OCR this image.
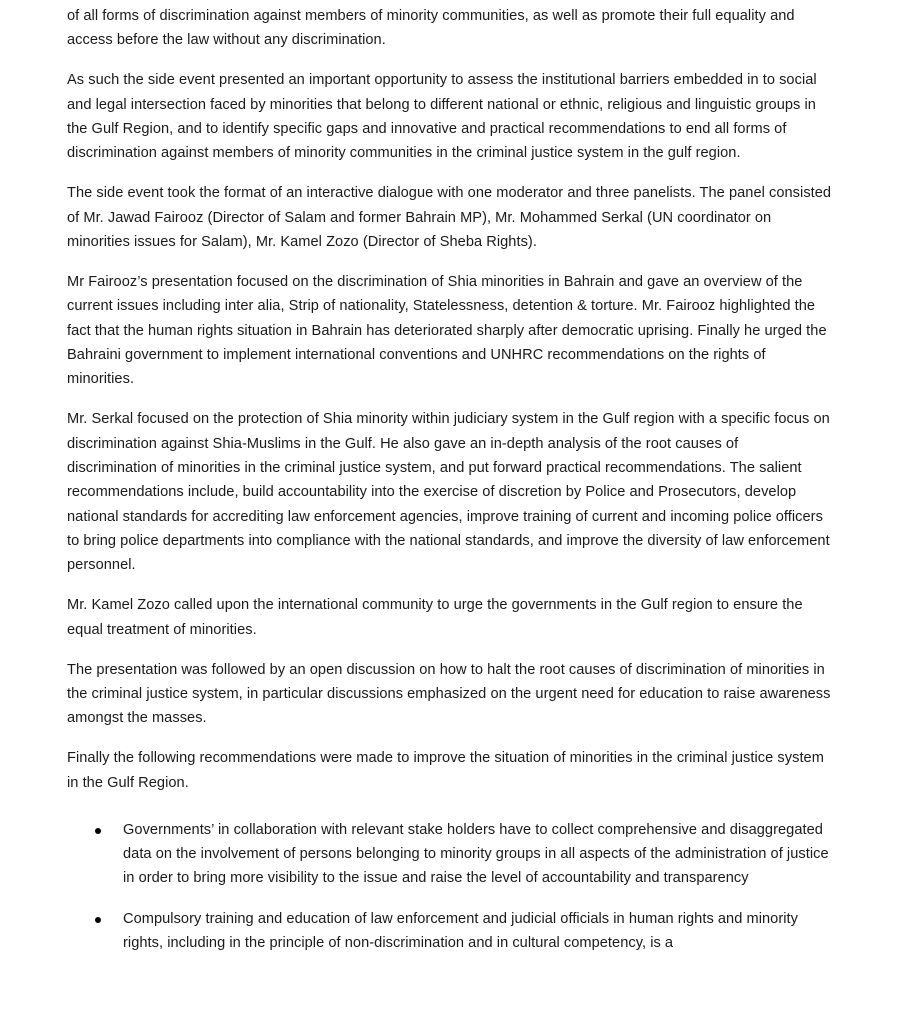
of all forms of discrimination against members of minority communities, as well as promote their full equality and access before the law without any discrimination.

As such the side event presented an important opportunity to assess the institutional barriers embedded in to social and legal intersection faced by minorities that belong to different national or ethnic, religious and linguistic groups in the Gulf Region, and to identify specific gaps and innovative and practical recommendations to end all forms of discrimination against members of minority communities in the criminal justice system in the gulf region.

The side event took the format of an interactive dialogue with one moderator and three panelists. The panel consisted of Mr. Jawad Fairooz (Director of Salam and former Bahrain MP), Mr. Mohammed Serkal (UN coordinator on minorities issues for Salam), Mr. Kamel Zozo (Director of Sheba Rights).

Mr Fairooz’s presentation focused on the discrimination of Shia minorities in Bahrain and gave an overview of the current issues including inter alia, Strip of nationality, Statelessness, detention & torture. Mr. Fairooz highlighted the fact that the human rights situation in Bahrain has deteriorated sharply after democratic uprising. Finally he urged the Bahraini government to implement international conventions and UNHRC recommendations on the rights of minorities.

Mr. Serkal focused on the protection of Shia minority within judiciary system in the Gulf region with a specific focus on discrimination against Shia-Muslims in the Gulf. He also gave an in-depth analysis of the root causes of discrimination of minorities in the criminal justice system, and put forward practical recommendations. The salient recommendations include, build accountability into the exercise of discretion by Police and Prosecutors, develop national standards for accrediting law enforcement agencies, improve training of current and incoming police officers to bring police departments into compliance with the national standards, and improve the diversity of law enforcement personnel.

Mr. Kamel Zozo called upon the international community to urge the governments in the Gulf region to ensure the equal treatment of minorities.

The presentation was followed by an open discussion on how to halt the root causes of discrimination of minorities in the criminal justice system, in particular discussions emphasized on the urgent need for education to raise awareness amongst the masses.

Finally the following recommendations were made to improve the situation of minorities in the criminal justice system in the Gulf Region.

Governments’ in collaboration with relevant stake holders have to collect comprehensive and disaggregated data on the involvement of persons belonging to minority groups in all aspects of the administration of justice in order to bring more visibility to the issue and raise the level of accountability and transparency
Compulsory training and education of law enforcement and judicial officials in human rights and minority rights, including in the principle of non-discrimination and in cultural competency, is a
